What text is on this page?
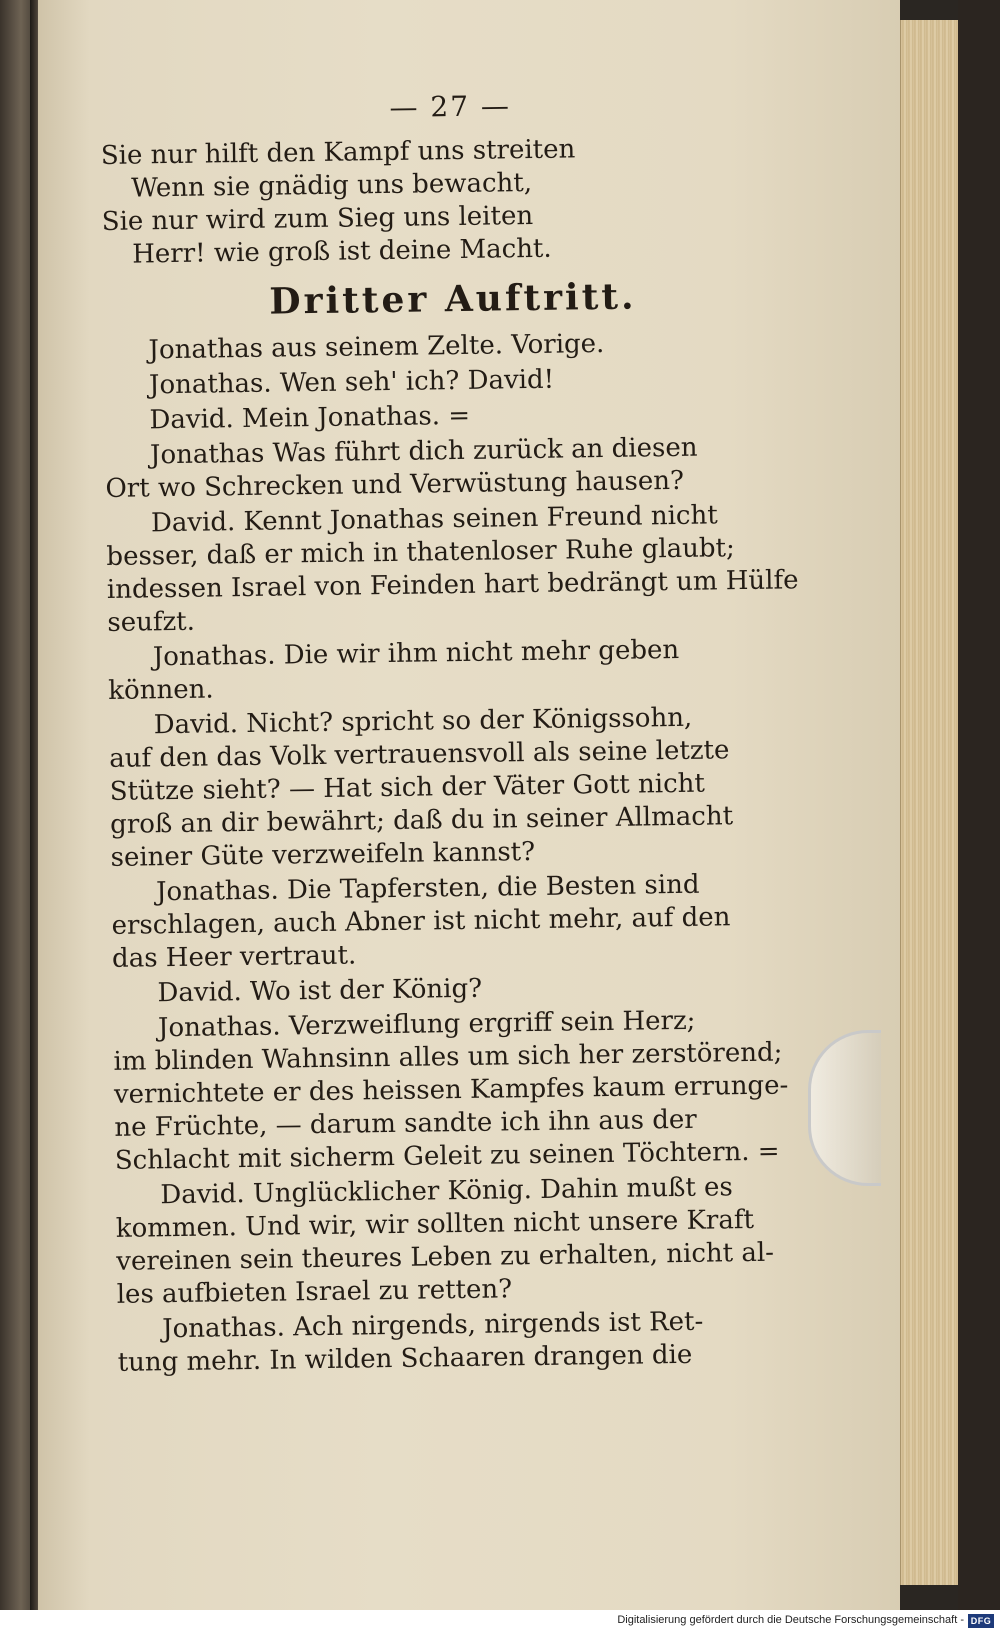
— 27 —
Sie nur hilft den Kampf uns streiten
Wenn sie gnädig uns bewacht,
Sie nur wird zum Sieg uns leiten
Herr! wie groß ist deine Macht.
Dritter Auftritt.
Jonathas aus seinem Zelte. Vorige.
Jonathas. Wen seh' ich? David!
David. Mein Jonathas. =
Jonathas Was führt dich zurück an diesen
Ort wo Schrecken und Verwüstung hausen?
David. Kennt Jonathas seinen Freund nicht
besser, daß er mich in thatenloser Ruhe glaubt;
indessen Israel von Feinden hart bedrängt um Hülfe
seufzt.
Jonathas. Die wir ihm nicht mehr geben
können.
David. Nicht? spricht so der Königssohn,
auf den das Volk vertrauensvoll als seine letzte
Stütze sieht? — Hat sich der Väter Gott nicht
groß an dir bewährt; daß du in seiner Allmacht
seiner Güte verzweifeln kannst?
Jonathas. Die Tapfersten, die Besten sind
erschlagen, auch Abner ist nicht mehr, auf den
das Heer vertraut.
David. Wo ist der König?
Jonathas. Verzweiflung ergriff sein Herz;
im blinden Wahnsinn alles um sich her zerstörend;
vernichtete er des heissen Kampfes kaum errunge-
ne Früchte, — darum sandte ich ihn aus der
Schlacht mit sicherm Geleit zu seinen Töchtern. =
David. Unglücklicher König. Dahin mußt es
kommen. Und wir, wir sollten nicht unsere Kraft
vereinen sein theures Leben zu erhalten, nicht al-
les aufbieten Israel zu retten?
Jonathas. Ach nirgends, nirgends ist Ret-
tung mehr. In wilden Schaaren drangen die
Digitalisierung gefördert durch die Deutsche Forschungsgemeinschaft - DFG
